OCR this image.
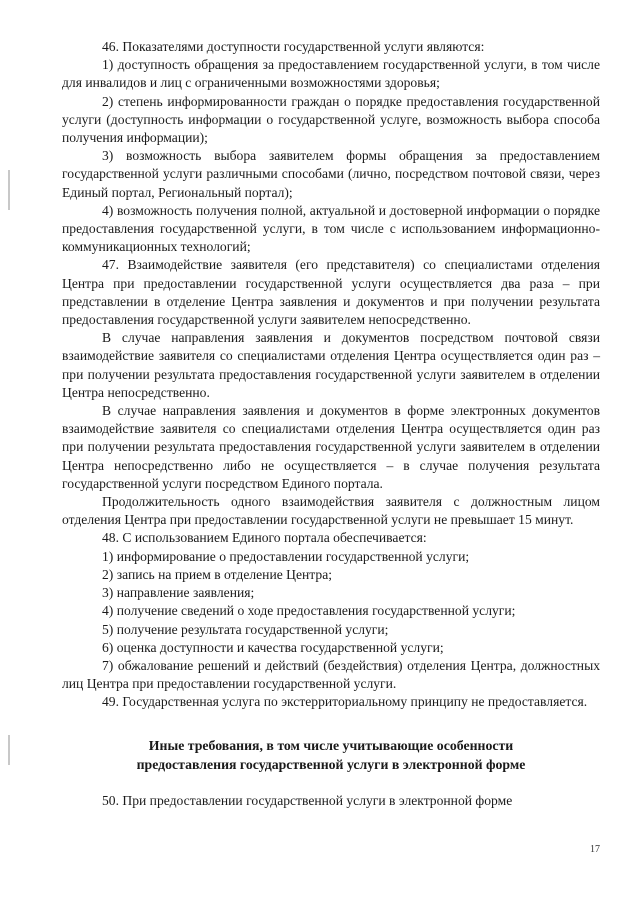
46. Показателями доступности государственной услуги являются:

1) доступность обращения за предоставлением государственной услуги, в том числе для инвалидов и лиц с ограниченными возможностями здоровья;

2) степень информированности граждан о порядке предоставления государственной услуги (доступность информации о государственной услуге, возможность выбора способа получения информации);

3) возможность выбора заявителем формы обращения за предоставлением государственной услуги различными способами (лично, посредством почтовой связи, через Единый портал, Региональный портал);

4) возможность получения полной, актуальной и достоверной информации о порядке предоставления государственной услуги, в том числе с использованием информационно-коммуникационных технологий;

47. Взаимодействие заявителя (его представителя) со специалистами отделения Центра при предоставлении государственной услуги осуществляется два раза – при представлении в отделение Центра заявления и документов и при получении результата предоставления государственной услуги заявителем непосредственно.

В случае направления заявления и документов посредством почтовой связи взаимодействие заявителя со специалистами отделения Центра осуществляется один раз – при получении результата предоставления государственной услуги заявителем в отделении Центра непосредственно.

В случае направления заявления и документов в форме электронных документов взаимодействие заявителя со специалистами отделения Центра осуществляется один раз при получении результата предоставления государственной услуги заявителем в отделении Центра непосредственно либо не осуществляется – в случае получения результата государственной услуги посредством Единого портала.

Продолжительность одного взаимодействия заявителя с должностным лицом отделения Центра при предоставлении государственной услуги не превышает 15 минут.

48. С использованием Единого портала обеспечивается:

1) информирование о предоставлении государственной услуги;

2) запись на прием в отделение Центра;

3) направление заявления;

4) получение сведений о ходе предоставления государственной услуги;

5) получение результата государственной услуги;

6) оценка доступности и качества государственной услуги;

7) обжалование решений и действий (бездействия) отделения Центра, должностных лиц Центра при предоставлении государственной услуги.

49. Государственная услуга по экстерриториальному принципу не предоставляется.

Иные требования, в том числе учитывающие особенности
предоставления государственной услуги в электронной форме

50. При предоставлении государственной услуги в электронной форме

17
